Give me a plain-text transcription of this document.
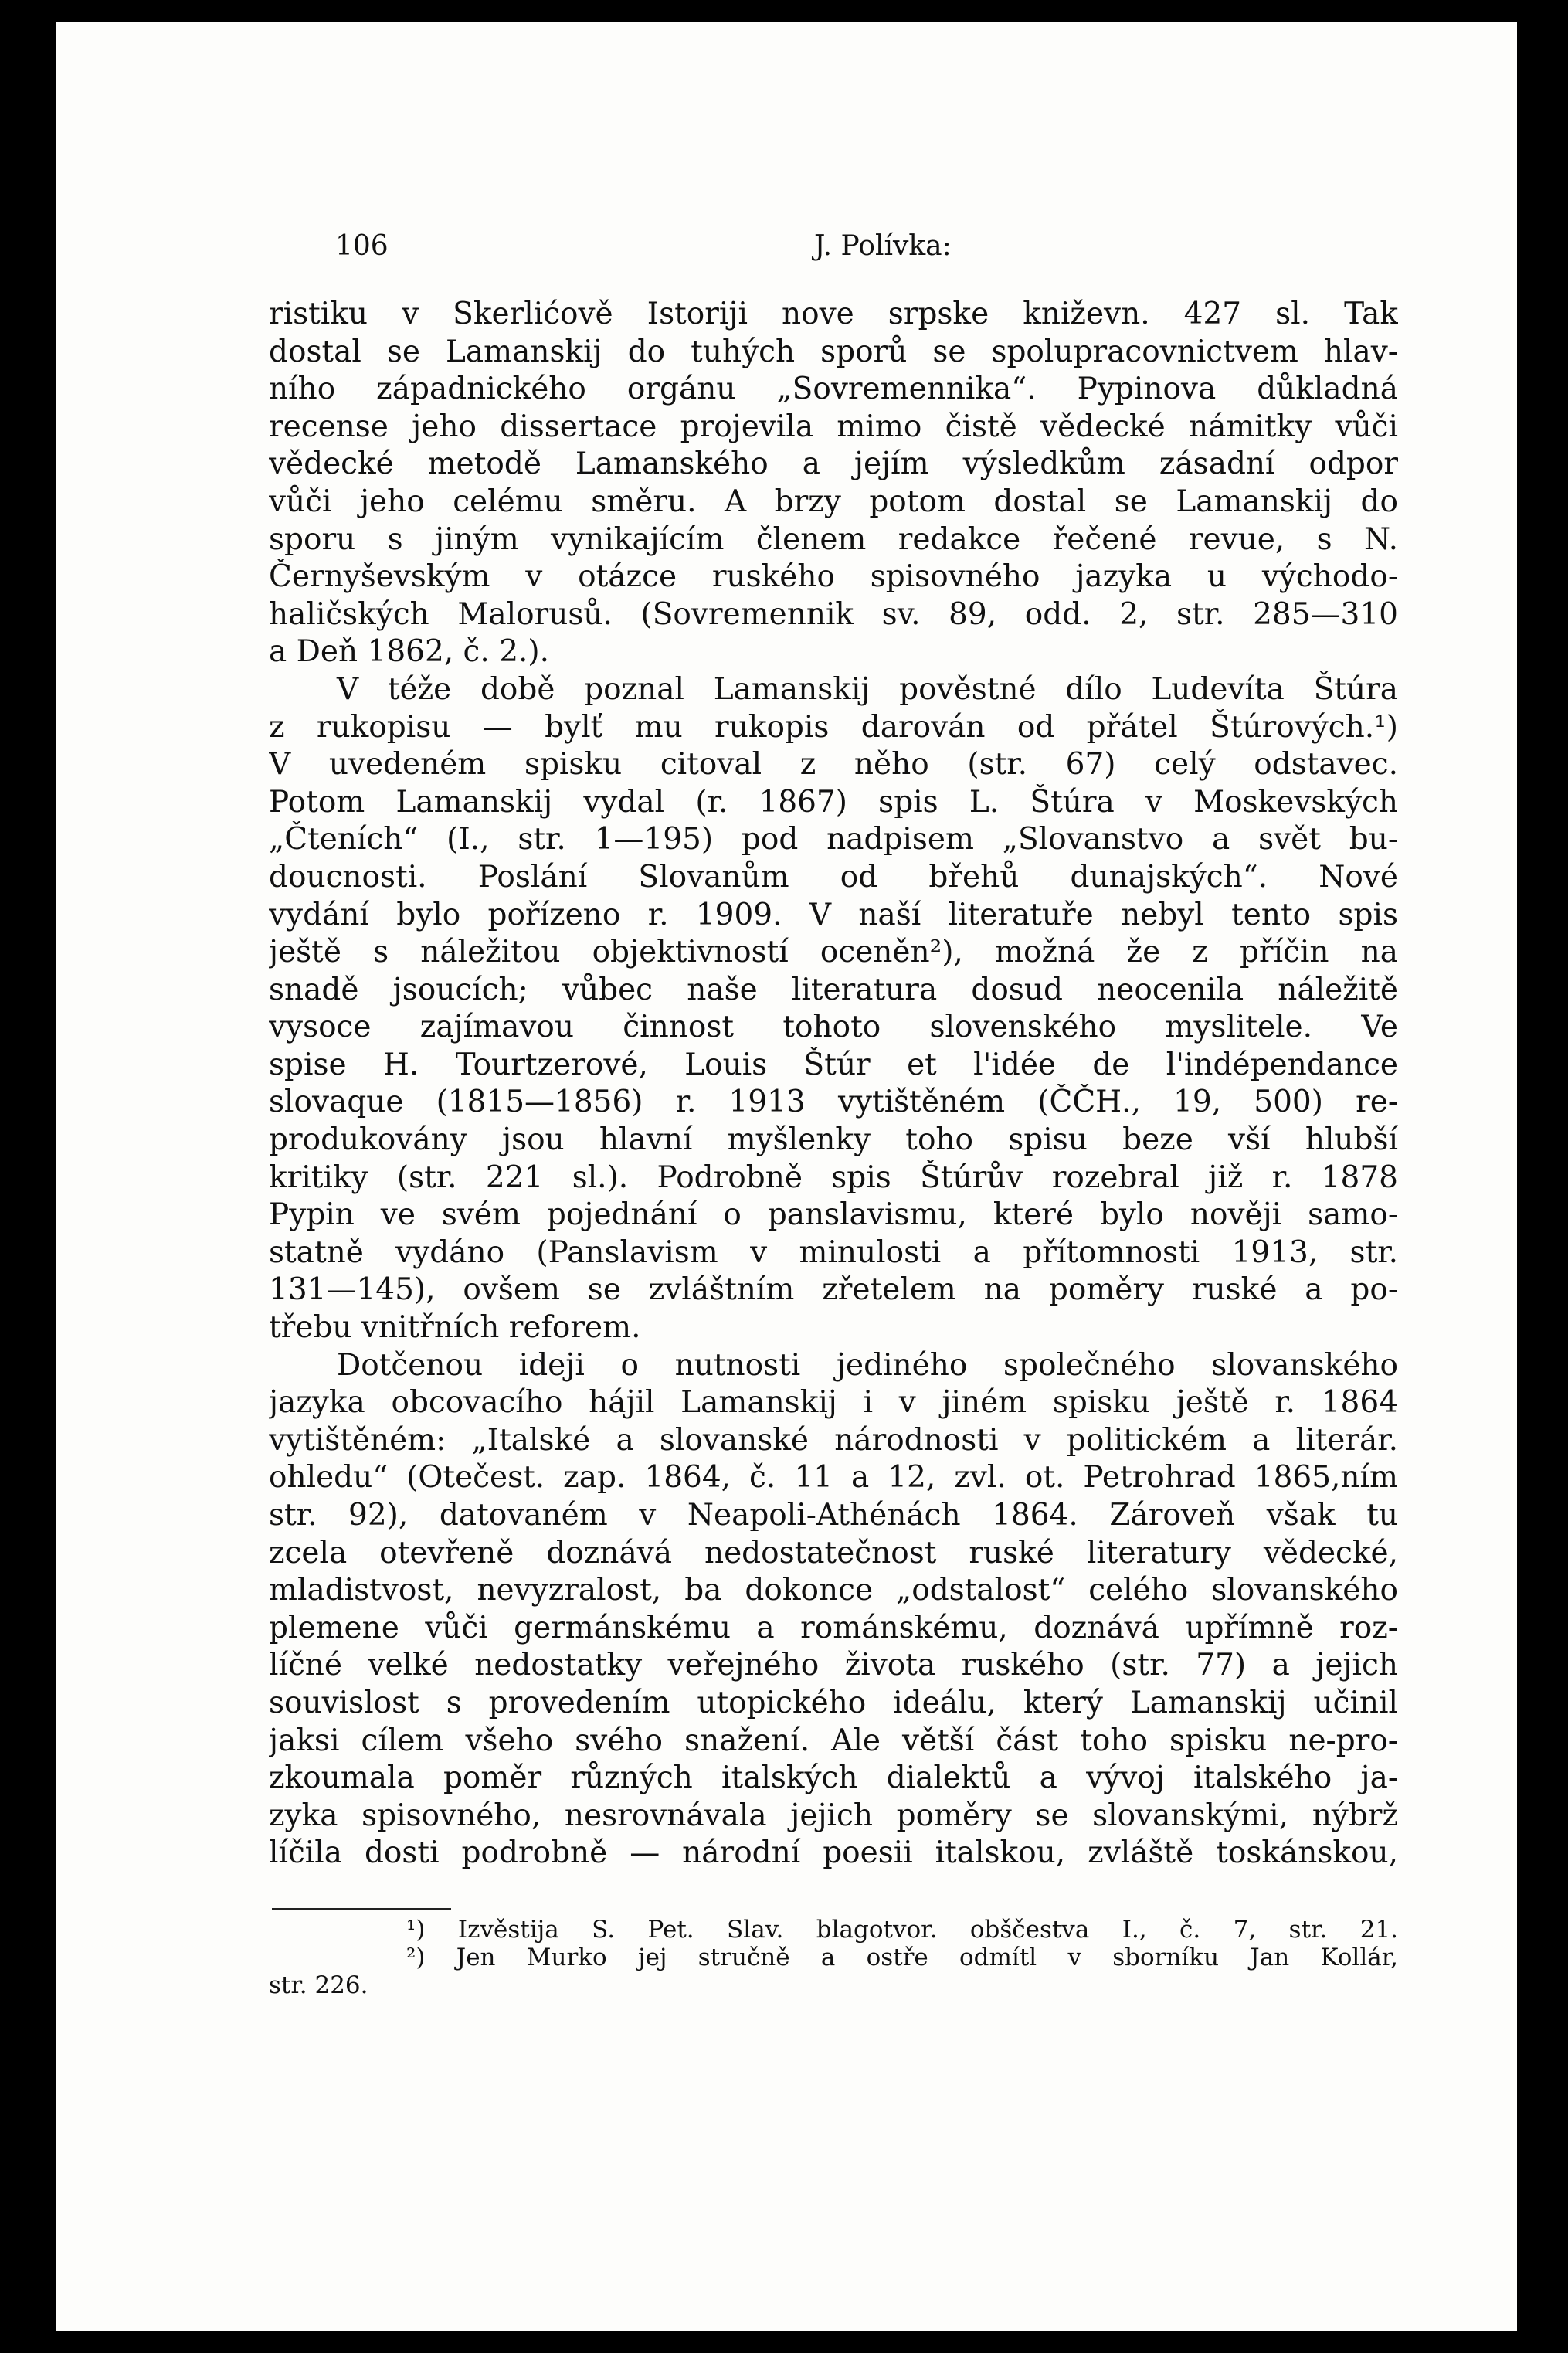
106	J. Polívka:
ristiku v Skerlićově Istoriji nove srpske kniževn. 427 sl. Tak
dostal se Lamanskij do tuhých sporů se spolupracovnictvem hlav-
ního západnického orgánu „Sovremennika“. Pypinova důkladná
recense jeho dissertace projevila mimo čistě vědecké námitky vůči
vědecké metodě Lamanského a jejím výsledkům zásadní odpor
vůči jeho celému směru. A brzy potom dostal se Lamanskij do
sporu s jiným vynikajícím členem redakce řečené revue, s N.
Černyševským v otázce ruského spisovného jazyka u východo-
haličských Malorusů. (Sovremennik sv. 89, odd. 2, str. 285—310
a Deň 1862, č. 2.).
V téže době poznal Lamanskij pověstné dílo Ludevíta Štúra
z rukopisu — bylť mu rukopis darován od přátel Štúrových.¹)
V uvedeném spisku citoval z něho (str. 67) celý odstavec.
Potom Lamanskij vydal (r. 1867) spis L. Štúra v Moskevských
„Čteních“ (I., str. 1—195) pod nadpisem „Slovanstvo a svět bu-
doucnosti. Poslání Slovanům od břehů dunajských“. Nové
vydání bylo pořízeno r. 1909. V naší literatuře nebyl tento spis
ještě s náležitou objektivností oceněn²), možná že z příčin na
snadě jsoucích; vůbec naše literatura dosud neocenila náležitě
vysoce zajímavou činnost tohoto slovenského myslitele. Ve
spise H. Tourtzerové, Louis Štúr et l'idée de l'indépendance
slovaque (1815—1856) r. 1913 vytištěném (ČČH., 19, 500) re-
produkovány jsou hlavní myšlenky toho spisu beze vší hlubší
kritiky (str. 221 sl.). Podrobně spis Štúrův rozebral již r. 1878
Pypin ve svém pojednání o panslavismu, které bylo nověji samo-
statně vydáno (Panslavism v minulosti a přítomnosti 1913, str.
131—145), ovšem se zvláštním zřetelem na poměry ruské a po-
třebu vnitřních reforem.
Dotčenou ideji o nutnosti jediného společného slovanského
jazyka obcovacího hájil Lamanskij i v jiném spisku ještě r. 1864
vytištěném: „Italské a slovanské národnosti v politickém a literár.
ohledu“ (Otečest. zap. 1864, č. 11 a 12, zvl. ot. Petrohrad 1865,ním
str. 92), datovaném v Neapoli-Athénách 1864. Zároveň však tu
zcela otevřeně doznává nedostatečnost ruské literatury vědecké,
mladistvost, nevyzralost, ba dokonce „odstalost“ celého slovanského
plemene vůči germánskému a románskému, doznává upřímně roz-
líčné velké nedostatky veřejného života ruského (str. 77) a jejich
souvislost s provedením utopického ideálu, který Lamanskij učinil
jaksi cílem všeho svého snažení. Ale větší část toho spisku ne-pro-
zkoumala poměr různých italských dialektů a vývoj italského ja-
zyka spisovného, nesrovnávala jejich poměry se slovanskými, nýbrž
líčila dosti podrobně — národní poesii italskou, zvláště toskánskou,
¹) Izvěstija S. Pet. Slav. blagotvor. obščestva I., č. 7, str. 21.
²) Jen Murko jej stručně a ostře odmítl v sborníku Jan Kollár,
str. 226.
